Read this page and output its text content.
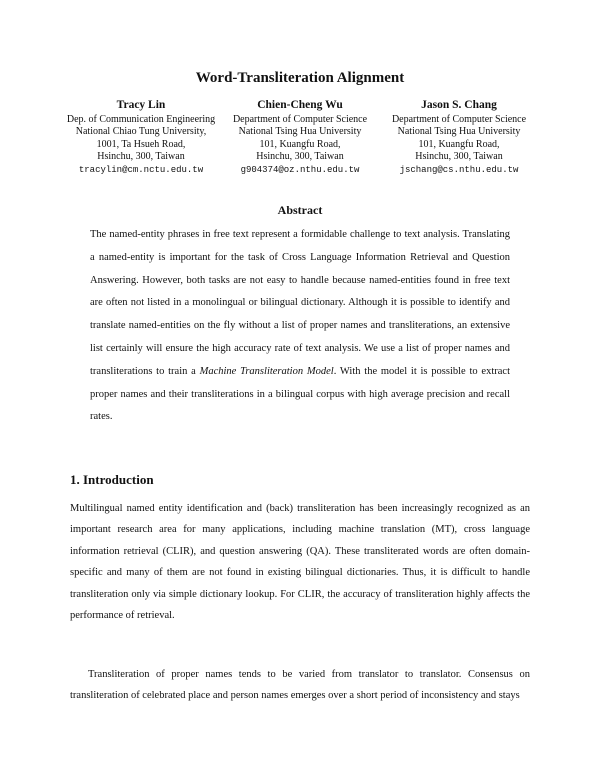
Word-Transliteration Alignment
Tracy Lin
Dep. of Communication Engineering
National Chiao Tung University,
1001, Ta Hsueh Road,
Hsinchu, 300, Taiwan
tracylin@cm.nctu.edu.tw
Chien-Cheng Wu
Department of Computer Science
National Tsing Hua University
101, Kuangfu Road,
Hsinchu, 300, Taiwan
g904374@oz.nthu.edu.tw
Jason S. Chang
Department of Computer Science
National Tsing Hua University
101, Kuangfu Road,
Hsinchu, 300, Taiwan
jschang@cs.nthu.edu.tw
Abstract

The named-entity phrases in free text represent a formidable challenge to text analysis. Translating a named-entity is important for the task of Cross Language Information Retrieval and Question Answering. However, both tasks are not easy to handle because named-entities found in free text are often not listed in a monolingual or bilingual dictionary. Although it is possible to identify and translate named-entities on the fly without a list of proper names and transliterations, an extensive list certainly will ensure the high accuracy rate of text analysis. We use a list of proper names and transliterations to train a Machine Transliteration Model. With the model it is possible to extract proper names and their transliterations in a bilingual corpus with high average precision and recall rates.

1. Introduction

Multilingual named entity identification and (back) transliteration has been increasingly recognized as an important research area for many applications, including machine translation (MT), cross language information retrieval (CLIR), and question answering (QA). These transliterated words are often domain-specific and many of them are not found in existing bilingual dictionaries. Thus, it is difficult to handle transliteration only via simple dictionary lookup. For CLIR, the accuracy of transliteration highly affects the performance of retrieval.

Transliteration of proper names tends to be varied from translator to translator. Consensus on transliteration of celebrated place and person names emerges over a short period of inconsistency and stays
